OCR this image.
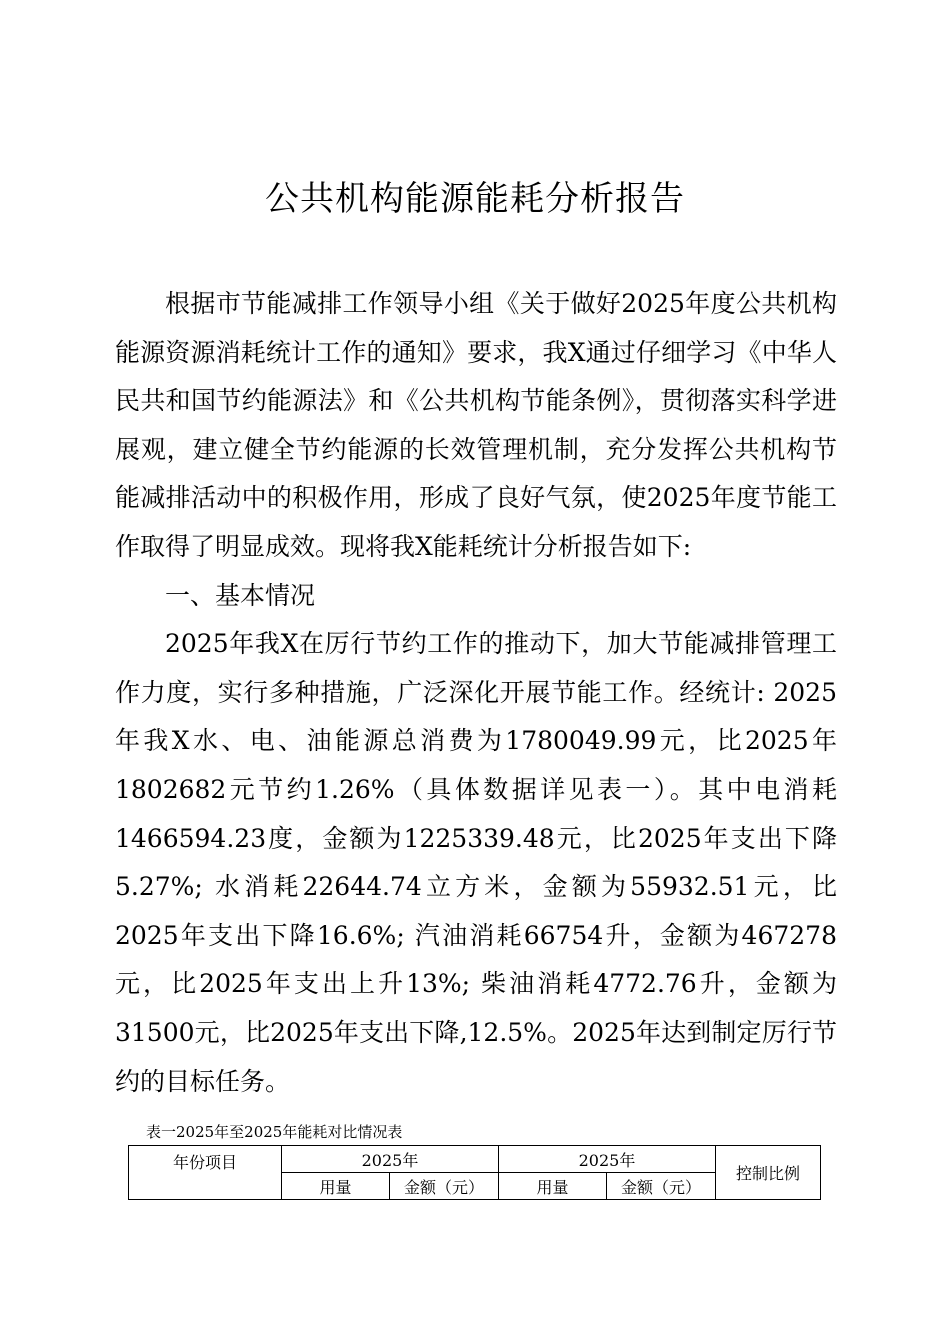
公共机构能源能耗分析报告

根据市节能减排工作领导小组《关于做好2025年度公共机构能源资源消耗统计工作的通知》要求，我X通过仔细学习《中华人民共和国节约能源法》和《公共机构节能条例》，贯彻落实科学进展观，建立健全节约能源的长效管理机制，充分发挥公共机构节能减排活动中的积极作用，形成了良好气氛，使2025年度节能工作取得了明显成效。现将我X能耗统计分析报告如下:

一、基本情况

2025年我X在厉行节约工作的推动下，加大节能减排管理工作力度，实行多种措施，广泛深化开展节能工作。经统计: 2025年我X水、电、油能源总消费为1780049.99元，比2025年1802682元节约1.26%（具体数据详见表一）。其中电消耗1466594.23度，金额为1225339.48元，比2025年支出下降5.27%; 水消耗22644.74立方米，金额为55932.51元，比2025年支出下降16.6%; 汽油消耗66754升，金额为467278元，比2025年支出上升13%; 柴油消耗4772.76升，金额为31500元，比2025年支出下降,12.5%。2025年达到制定厉行节约的目标任务。

表一2025年至2025年能耗对比情况表
年份项目	2025年		2025年		控制比例
	用量	金额（元）	用量	金额（元）	
